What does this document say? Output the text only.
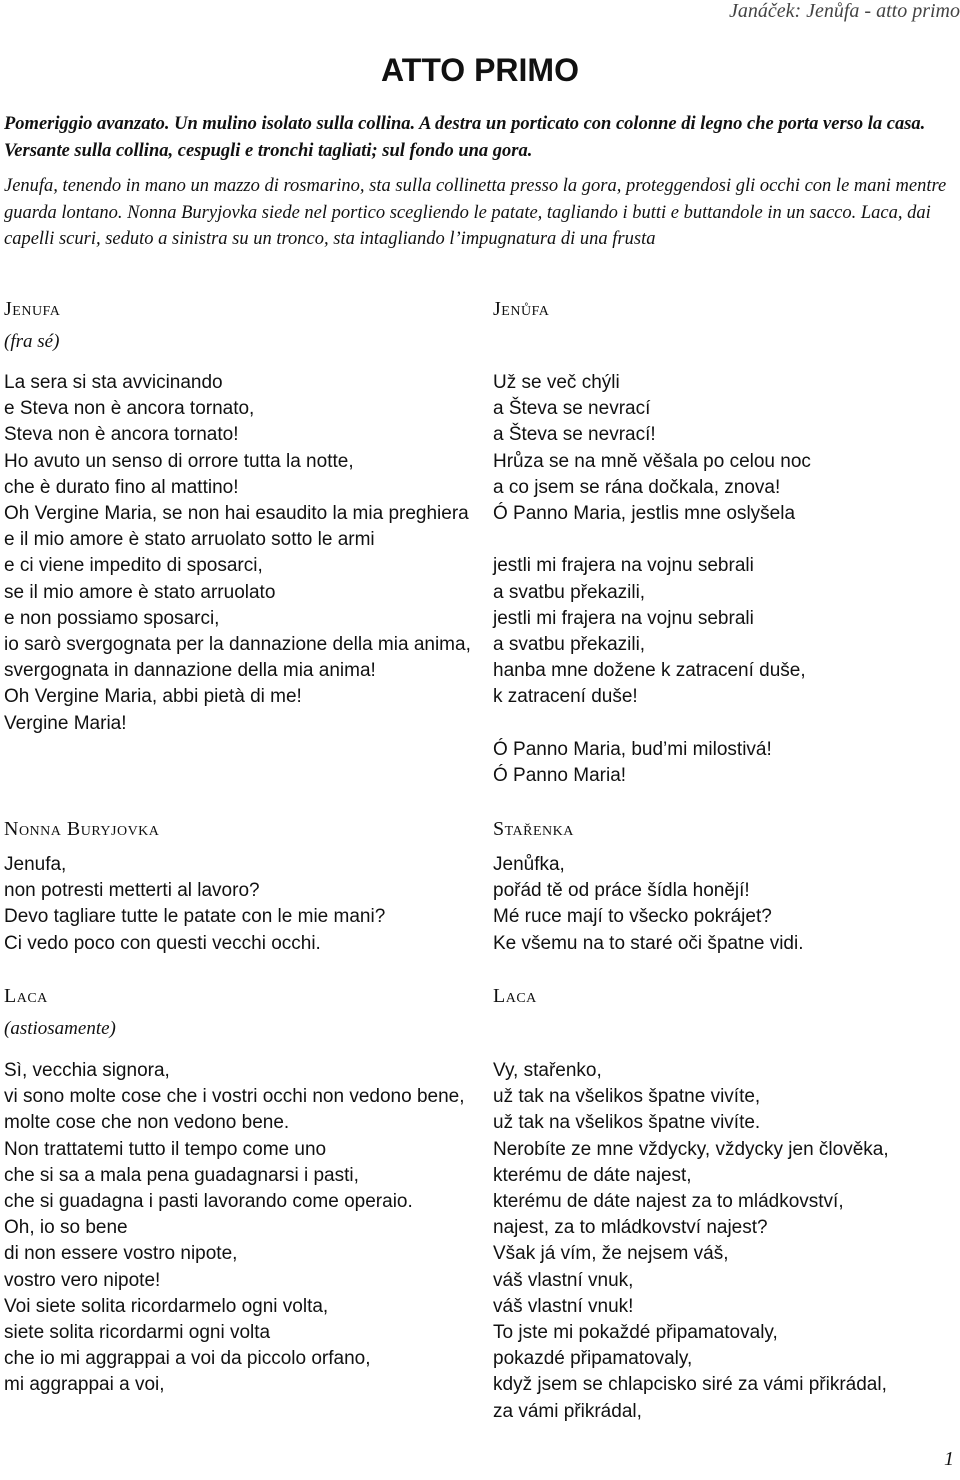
Janáček: Jenůfa - atto primo
ATTO PRIMO
Pomeriggio avanzato. Un mulino isolato sulla collina. A destra un porticato con colonne di legno che porta verso la casa. Versante sulla collina, cespugli e tronchi tagliati; sul fondo una gora.
Jenufa, tenendo in mano un mazzo di rosmarino, sta sulla collinetta presso la gora, proteggendosi gli occhi con le mani mentre guarda lontano. Nonna Buryjovka siede nel portico scegliendo le patate, tagliando i butti e buttandole in un sacco. Laca, dai capelli scuri, seduto a sinistra su un tronco, sta intagliando l’impugnatura di una frusta
Jenufa
(fra sé)
La sera si sta avvicinando
e Steva non è ancora tornato,
Steva non è ancora tornato!
Ho avuto un senso di orrore tutta la notte,
che è durato fino al mattino!
Oh Vergine Maria, se non hai esaudito la mia preghiera
e il mio amore è stato arruolato sotto le armi
e ci viene impedito di sposarci,
se il mio amore è stato arruolato
e non possiamo sposarci,
io sarò svergognata per la dannazione della mia anima,
svergognata in dannazione della mia anima!
Oh Vergine Maria, abbi pietà di me!
Vergine Maria!
Nonna Buryjovka
Jenufa,
non potresti metterti al lavoro?
Devo tagliare tutte le patate con le mie mani?
Ci vedo poco con questi vecchi occhi.
Laca
(astiosamente)
Sì, vecchia signora,
vi sono molte cose che i vostri occhi non vedono bene,
molte cose che non vedono bene.
Non trattatemi tutto il tempo come uno
che si sa a mala pena guadagnarsi i pasti,
che si guadagna i pasti lavorando come operaio.
Oh, io so bene
di non essere vostro nipote,
vostro vero nipote!
Voi siete solita ricordarmelo ogni volta,
siete solita ricordarmi ogni volta
che io mi aggrappai a voi da piccolo orfano,
mi aggrappai a voi,
Jenůfa
Už se več chýli
a Števa se nevrací
a Števa se nevrací!
Hrůza se na mně věšala po celou noc
a co jsem se rána dočkala, znova!
Ó Panno Maria, jestlis mne oslyšela

jestli mi frajera na vojnu sebrali
a svatbu překazili,
jestli mi frajera na vojnu sebrali
a svatbu překazili,
hanba mne dožene k zatracení duše,
k zatracení duše!

Ó Panno Maria, bud’mi milostivá!
Ó Panno Maria!
Stařenka
Jenůfka,
pořád tě od práce šídla honějí!
Mé ruce mají to všecko pokrájet?
Ke všemu na to staré oči špatne vidi.
Laca
Vy, stařenko,
už tak na všelikos špatne vivíte,
už tak na všelikos špatne vivíte.
Nerobíte ze mne vždycky, vždycky jen člověka,
kterému de dáte najest,
kterému de dáte najest za to mládkovství,
najest, za to mládkovství najest?
Však já vím, že nejsem váš,
váš vlastní vnuk,
váš vlastní vnuk!
To jste mi pokaždé připamatovaly,
pokazdé připamatovaly,
když jsem se chlapcisko siré za vámi přikrádal,
za vámi přikrádal,
1
